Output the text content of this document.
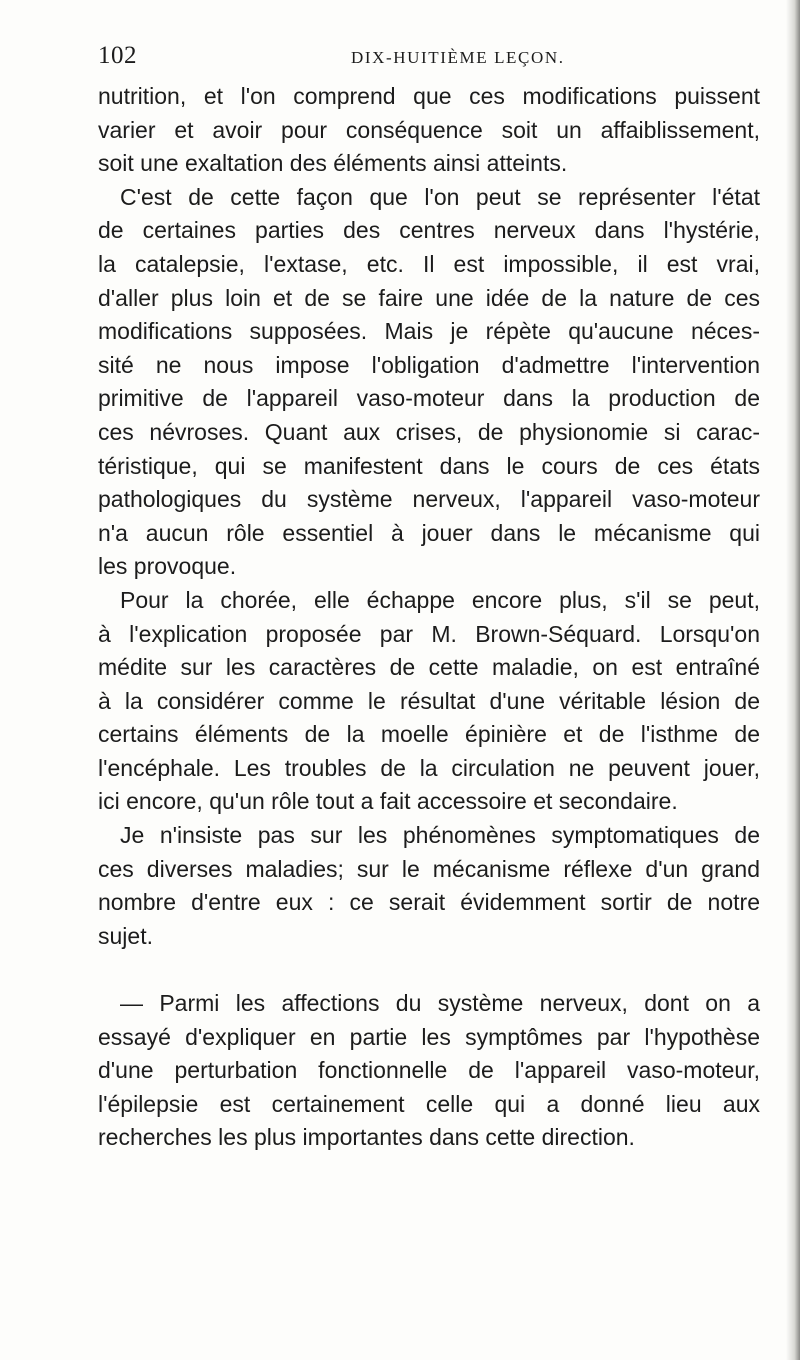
102	DIX-HUITIÈME LEÇON.
nutrition, et l'on comprend que ces modifications puissent
varier et avoir pour conséquence soit un affaiblissement,
soit une exaltation des éléments ainsi atteints.
C'est de cette façon que l'on peut se représenter l'état
de certaines parties des centres nerveux dans l'hystérie,
la catalepsie, l'extase, etc. Il est impossible, il est vrai,
d'aller plus loin et de se faire une idée de la nature de ces
modifications supposées. Mais je répète qu'aucune néces-
sité ne nous impose l'obligation d'admettre l'intervention
primitive de l'appareil vaso-moteur dans la production de
ces névroses. Quant aux crises, de physionomie si carac-
téristique, qui se manifestent dans le cours de ces états
pathologiques du système nerveux, l'appareil vaso-moteur
n'a aucun rôle essentiel à jouer dans le mécanisme qui
les provoque.
Pour la chorée, elle échappe encore plus, s'il se peut,
à l'explication proposée par M. Brown-Séquard. Lorsqu'on
médite sur les caractères de cette maladie, on est entraîné
à la considérer comme le résultat d'une véritable lésion de
certains éléments de la moelle épinière et de l'isthme de
l'encéphale. Les troubles de la circulation ne peuvent jouer,
ici encore, qu'un rôle tout a fait accessoire et secondaire.
Je n'insiste pas sur les phénomènes symptomatiques de
ces diverses maladies; sur le mécanisme réflexe d'un grand
nombre d'entre eux : ce serait évidemment sortir de notre
sujet.
— Parmi les affections du système nerveux, dont on a
essayé d'expliquer en partie les symptômes par l'hypothèse
d'une perturbation fonctionnelle de l'appareil vaso-moteur,
l'épilepsie est certainement celle qui a donné lieu aux
recherches les plus importantes dans cette direction.
